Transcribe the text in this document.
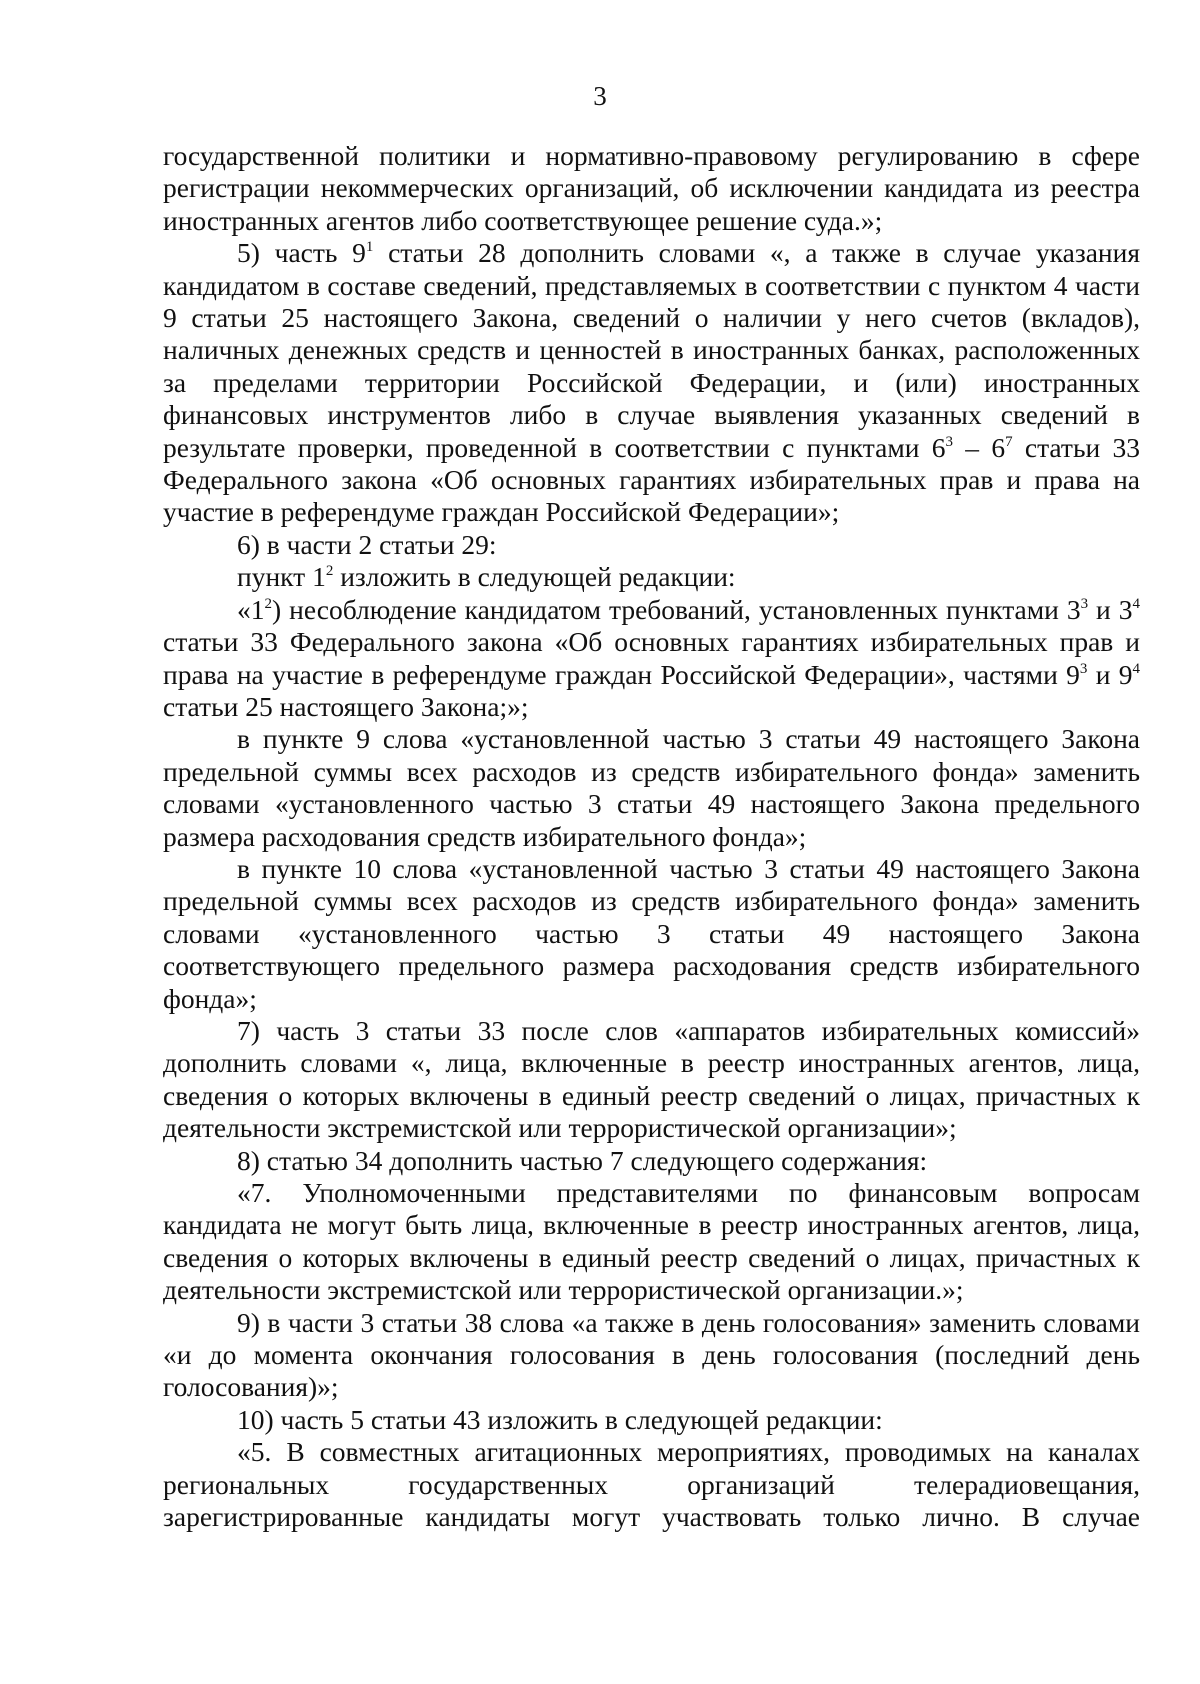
3

государственной политики и нормативно-правовому регулированию в сфере регистрации некоммерческих организаций, об исключении кандидата из реестра иностранных агентов либо соответствующее решение суда.»;

5) часть $9^1$ статьи 28 дополнить словами «, а также в случае указания кандидатом в составе сведений, представляемых в соответствии с пунктом 4 части 9 статьи 25 настоящего Закона, сведений о наличии у него счетов (вкладов), наличных денежных средств и ценностей в иностранных банках, расположенных за пределами территории Российской Федерации, и (или) иностранных финансовых инструментов либо в случае выявления указанных сведений в результате проверки, проведенной в соответствии с пунктами $6^3 - 6^7$ статьи 33 Федерального закона «Об основных гарантиях избирательных прав и права на участие в референдуме граждан Российской Федерации»;

6) в части 2 статьи 29:

пункт $1^2$ изложить в следующей редакции:

«$1^2$) несоблюдение кандидатом требований, установленных пунктами $3^3$ и $3^4$ статьи 33 Федерального закона «Об основных гарантиях избирательных прав и права на участие в референдуме граждан Российской Федерации», частями $9^3$ и $9^4$ статьи 25 настоящего Закона;»;

в пункте 9 слова «установленной частью 3 статьи 49 настоящего Закона предельной суммы всех расходов из средств избирательного фонда» заменить словами «установленного частью 3 статьи 49 настоящего Закона предельного размера расходования средств избирательного фонда»;

в пункте 10 слова «установленной частью 3 статьи 49 настоящего Закона предельной суммы всех расходов из средств избирательного фонда» заменить словами «установленного частью 3 статьи 49 настоящего Закона соответствующего предельного размера расходования средств избирательного фонда»;

7) часть 3 статьи 33 после слов «аппаратов избирательных комиссий» дополнить словами «, лица, включенные в реестр иностранных агентов, лица, сведения о которых включены в единый реестр сведений о лицах, причастных к деятельности экстремистской или террористической организации»;

8) статью 34 дополнить частью 7 следующего содержания:

«7. Уполномоченными представителями по финансовым вопросам кандидата не могут быть лица, включенные в реестр иностранных агентов, лица, сведения о которых включены в единый реестр сведений о лицах, причастных к деятельности экстремистской или террористической организации.»;

9) в части 3 статьи 38 слова «а также в день голосования» заменить словами «и до момента окончания голосования в день голосования (последний день голосования)»;

10) часть 5 статьи 43 изложить в следующей редакции:

«5. В совместных агитационных мероприятиях, проводимых на каналах региональных государственных организаций телерадиовещания, зарегистрированные кандидаты могут участвовать только лично. В случае
